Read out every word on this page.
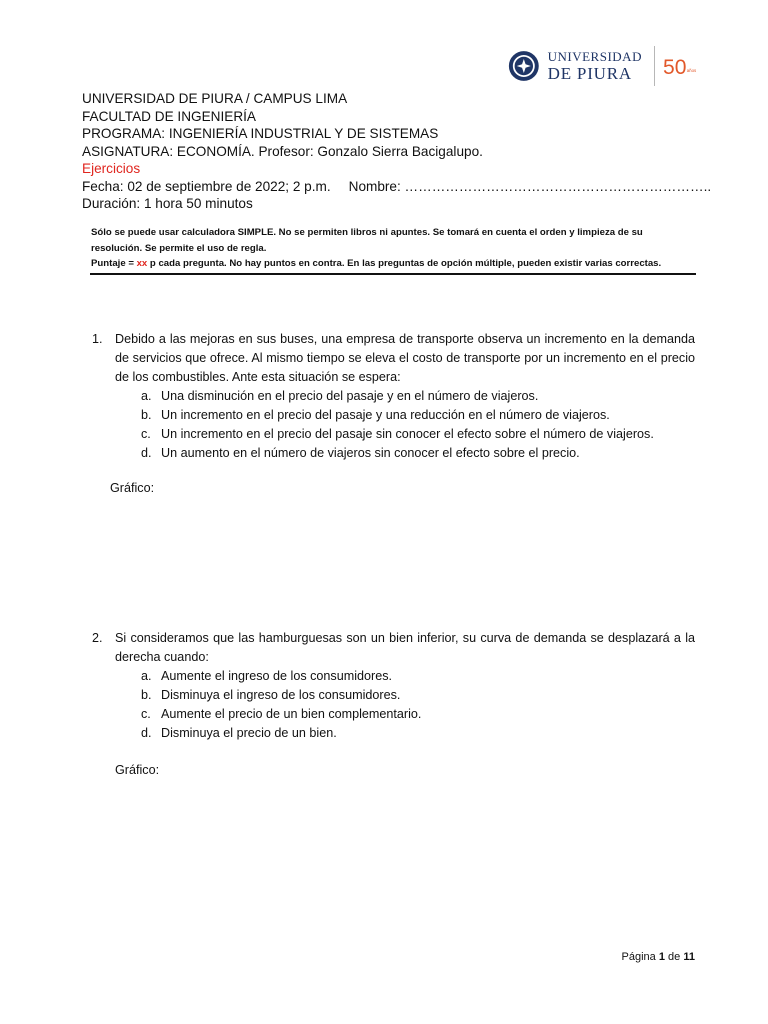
UNIVERSIDAD
DE PIURA	50 años
UNIVERSIDAD DE PIURA / CAMPUS LIMA
FACULTAD DE INGENIERÍA
PROGRAMA: INGENIERÍA INDUSTRIAL Y DE SISTEMAS
ASIGNATURA: ECONOMÍA. Profesor: Gonzalo Sierra Bacigalupo.
Ejercicios
Fecha: 02 de septiembre de 2022; 2 p.m. Nombre: …………………………………………………………..
Duración: 1 hora 50 minutos
Sólo se puede usar calculadora SIMPLE. No se permiten libros ni apuntes. Se tomará en cuenta el orden y limpieza de su
resolución. Se permite el uso de regla.
Puntaje = xx p cada pregunta. No hay puntos en contra. En las preguntas de opción múltiple, pueden existir varias correctas.
1. Debido a las mejoras en sus buses, una empresa de transporte observa un incremento en la demanda de servicios que ofrece. Al mismo tiempo se eleva el costo de transporte por un incremento en el precio de los combustibles. Ante esta situación se espera:
a. Una disminución en el precio del pasaje y en el número de viajeros.
b. Un incremento en el precio del pasaje y una reducción en el número de viajeros.
c. Un incremento en el precio del pasaje sin conocer el efecto sobre el número de viajeros.
d. Un aumento en el número de viajeros sin conocer el efecto sobre el precio.
Gráfico:
2. Si consideramos que las hamburguesas son un bien inferior, su curva de demanda se desplazará a la derecha cuando:
a. Aumente el ingreso de los consumidores.
b. Disminuya el ingreso de los consumidores.
c. Aumente el precio de un bien complementario.
d. Disminuya el precio de un bien.
Gráfico:
Página 1 de 11
